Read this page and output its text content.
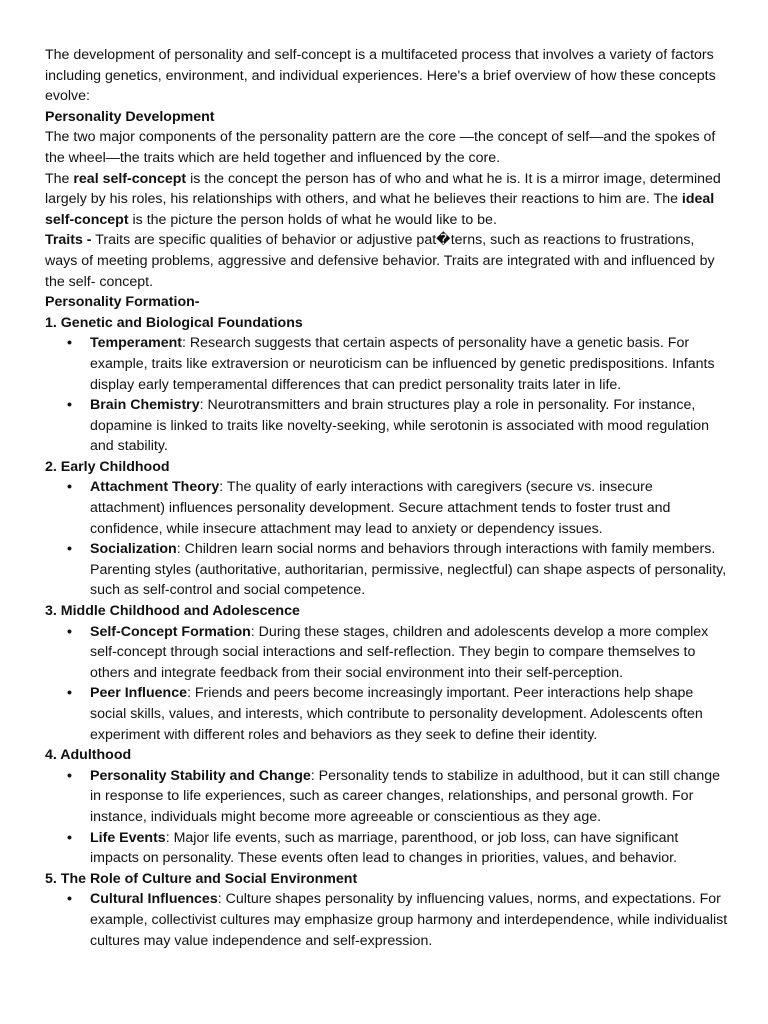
The development of personality and self-concept is a multifaceted process that involves a variety of factors including genetics, environment, and individual experiences. Here's a brief overview of how these concepts evolve:

Personality Development

The two major components of the personality pattern are the core —the concept of self—and the spokes of the wheel—the traits which are held together and influenced by the core.

The real self-concept is the concept the person has of who and what he is. It is a mirror image, determined largely by his roles, his relationships with others, and what he believes their reactions to him are. The ideal self-concept is the picture the person holds of what he would like to be.

Traits - Traits are specific qualities of behavior or adjustive pat�terns, such as reactions to frustrations, ways of meeting problems, aggressive and defensive behavior. Traits are integrated with and influenced by the self- concept.

Personality Formation-

1. Genetic and Biological Foundations

• Temperament: Research suggests that certain aspects of personality have a genetic basis. For example, traits like extraversion or neuroticism can be influenced by genetic predispositions. Infants display early temperamental differences that can predict personality traits later in life.
• Brain Chemistry: Neurotransmitters and brain structures play a role in personality. For instance, dopamine is linked to traits like novelty-seeking, while serotonin is associated with mood regulation and stability.

2. Early Childhood

• Attachment Theory: The quality of early interactions with caregivers (secure vs. insecure attachment) influences personality development. Secure attachment tends to foster trust and confidence, while insecure attachment may lead to anxiety or dependency issues.
• Socialization: Children learn social norms and behaviors through interactions with family members. Parenting styles (authoritative, authoritarian, permissive, neglectful) can shape aspects of personality, such as self-control and social competence.

3. Middle Childhood and Adolescence

• Self-Concept Formation: During these stages, children and adolescents develop a more complex self-concept through social interactions and self-reflection. They begin to compare themselves to others and integrate feedback from their social environment into their self-perception.
• Peer Influence: Friends and peers become increasingly important. Peer interactions help shape social skills, values, and interests, which contribute to personality development. Adolescents often experiment with different roles and behaviors as they seek to define their identity.

4. Adulthood

• Personality Stability and Change: Personality tends to stabilize in adulthood, but it can still change in response to life experiences, such as career changes, relationships, and personal growth. For instance, individuals might become more agreeable or conscientious as they age.
• Life Events: Major life events, such as marriage, parenthood, or job loss, can have significant impacts on personality. These events often lead to changes in priorities, values, and behavior.

5. The Role of Culture and Social Environment

• Cultural Influences: Culture shapes personality by influencing values, norms, and expectations. For example, collectivist cultures may emphasize group harmony and interdependence, while individualist cultures may value independence and self-expression.
